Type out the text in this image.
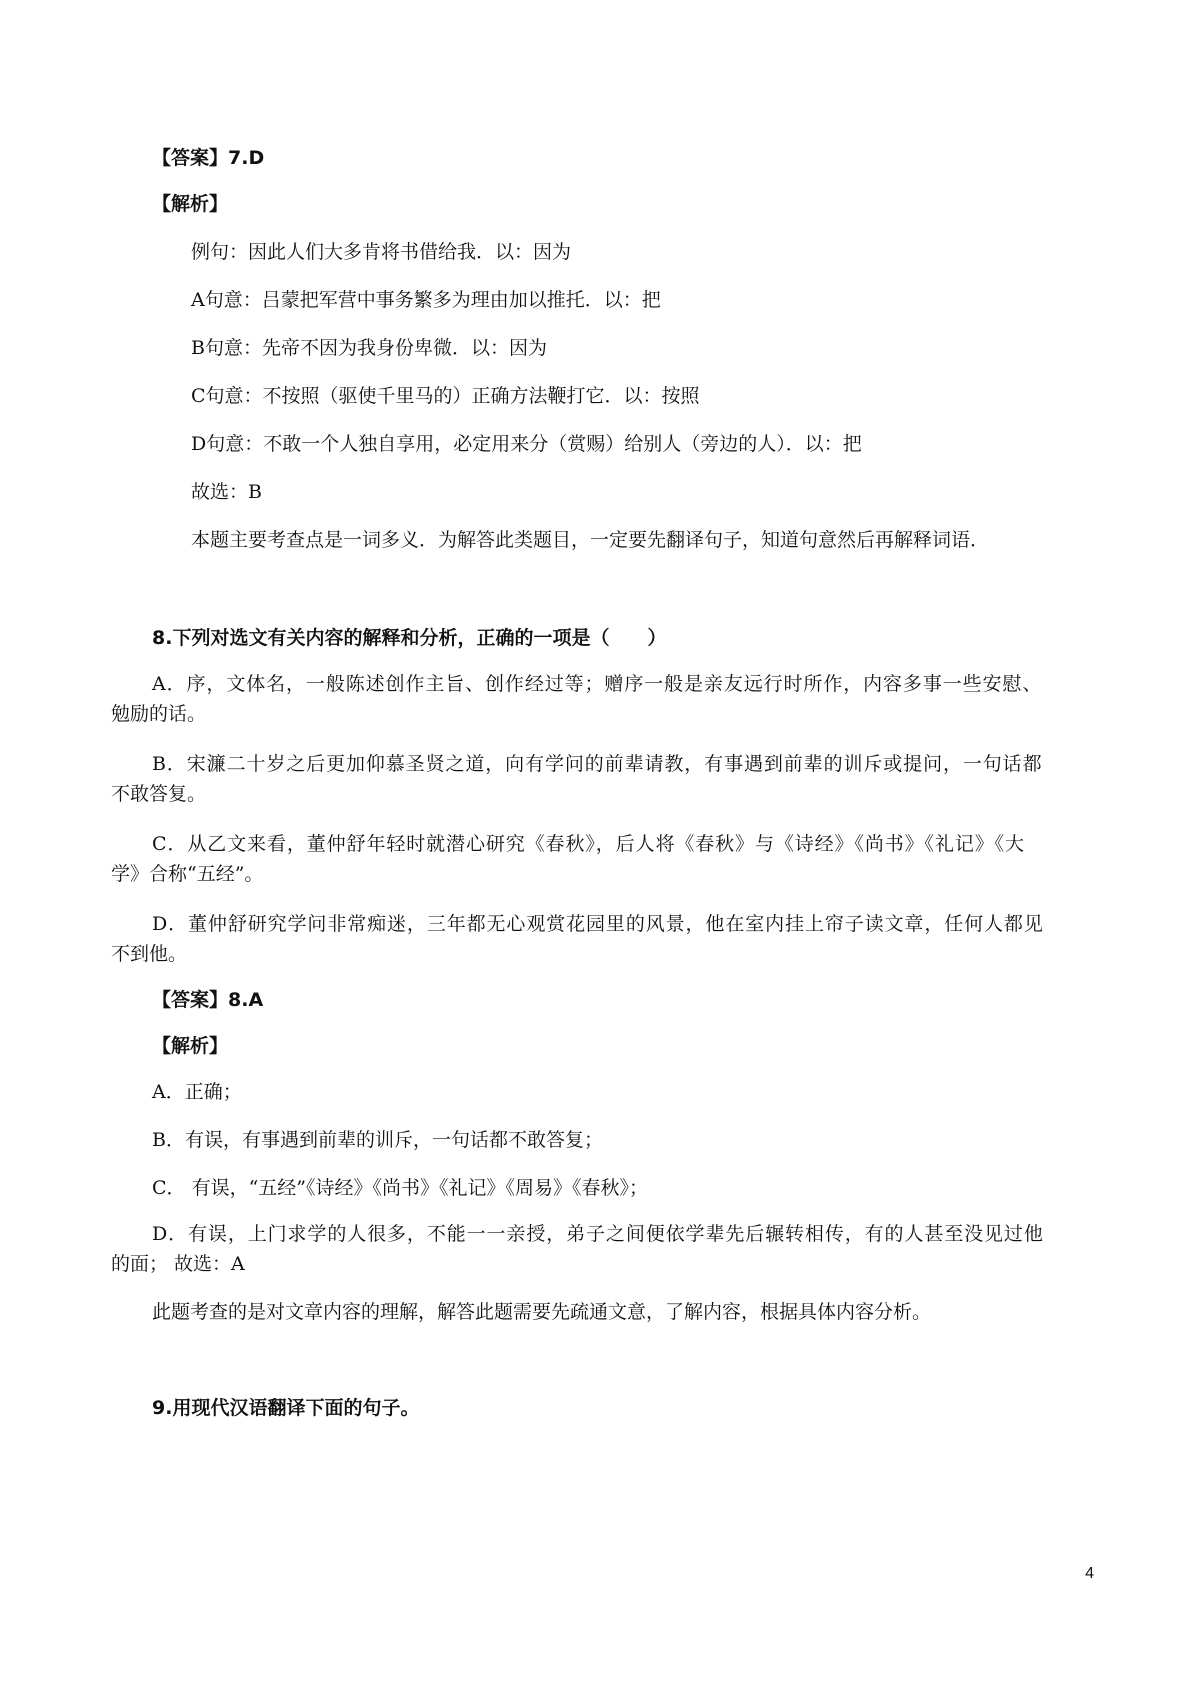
【答案】7.D
【解析】
例句：因此人们大多肯将书借给我．以：因为
A句意：吕蒙把军营中事务繁多为理由加以推托．以：把
B句意：先帝不因为我身份卑微．以：因为
C句意：不按照（驱使千里马的）正确方法鞭打它．以：按照
D句意：不敢一个人独自享用，必定用来分（赏赐）给别人（旁边的人）．以：把
故选：B
本题主要考查点是一词多义．为解答此类题目，一定要先翻译句子，知道句意然后再解释词语．
8.下列对选文有关内容的解释和分析，正确的一项是（　　）
A．序，文体名，一般陈述创作主旨、创作经过等；赠序一般是亲友远行时所作，内容多事一些安慰、
勉励的话。
B．宋濂二十岁之后更加仰慕圣贤之道，向有学问的前辈请教，有事遇到前辈的训斥或提问，一句话都
不敢答复。
C．从乙文来看，董仲舒年轻时就潜心研究《春秋》，后人将《春秋》与《诗经》《尚书》《礼记》《大
学》合称“五经”。
D．董仲舒研究学问非常痴迷，三年都无心观赏花园里的风景，他在室内挂上帘子读文章，任何人都见
不到他。
【答案】8.A
【解析】
A．正确；
B．有误，有事遇到前辈的训斥，一句话都不敢答复；
C． 有误，“五经”《诗经》《尚书》《礼记》《周易》《春秋》；
D．有误，上门求学的人很多，不能一一亲授，弟子之间便依学辈先后辗转相传，有的人甚至没见过他
的面； 故选：A
此题考查的是对文章内容的理解，解答此题需要先疏通文意，了解内容，根据具体内容分析。
9.用现代汉语翻译下面的句子。
4
